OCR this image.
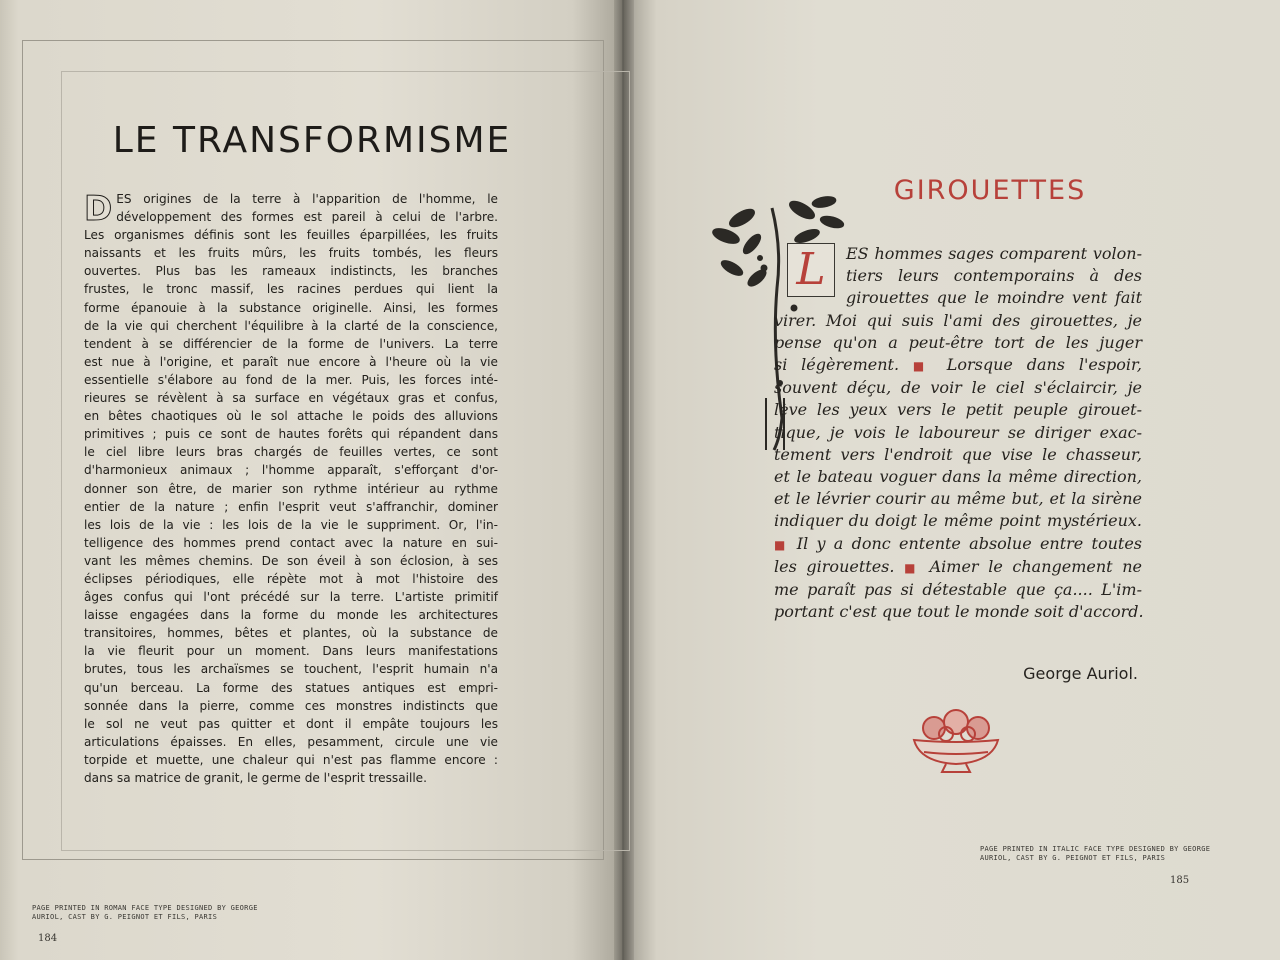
LE TRANSFORMISME

D ES origines de la terre à l'apparition de l'homme, le
développement des formes est pareil à celui de l'arbre.
Les organismes définis sont les feuilles éparpillées, les fruits
naissants et les fruits mûrs, les fruits tombés, les fleurs
ouvertes. Plus bas les rameaux indistincts, les branches
frustes, le tronc massif, les racines perdues qui lient la
forme épanouie à la substance originelle. Ainsi, les formes
de la vie qui cherchent l'équilibre à la clarté de la conscience,
tendent à se différencier de la forme de l'univers. La terre
est nue à l'origine, et paraît nue encore à l'heure où la vie
essentielle s'élabore au fond de la mer. Puis, les forces inté-
rieures se révèlent à sa surface en végétaux gras et confus,
en bêtes chaotiques où le sol attache le poids des alluvions
primitives ; puis ce sont de hautes forêts qui répandent dans
le ciel libre leurs bras chargés de feuilles vertes, ce sont
d'harmonieux animaux ; l'homme apparaît, s'efforçant d'or-
donner son être, de marier son rythme intérieur au rythme
entier de la nature ; enfin l'esprit veut s'affranchir, dominer
les lois de la vie : les lois de la vie le suppriment. Or, l'in-
telligence des hommes prend contact avec la nature en sui-
vant les mêmes chemins. De son éveil à son éclosion, à ses
éclipses périodiques, elle répète mot à mot l'histoire des
âges confus qui l'ont précédé sur la terre. L'artiste primitif
laisse engagées dans la forme du monde les architectures
transitoires, hommes, bêtes et plantes, où la substance de
la vie fleurit pour un moment. Dans leurs manifestations
brutes, tous les archaïsmes se touchent, l'esprit humain n'a
qu'un berceau. La forme des statues antiques est empri-
sonnée dans la pierre, comme ces monstres indistincts que
le sol ne veut pas quitter et dont il empâte toujours les
articulations épaisses. En elles, pesamment, circule une vie
torpide et muette, une chaleur qui n'est pas flamme encore :
dans sa matrice de granit, le germe de l'esprit tressaille.

PAGE PRINTED IN ROMAN FACE TYPE DESIGNED BY GEORGE
AURIOL, CAST BY G. PEIGNOT ET FILS, PARIS

184
GIROUETTES
L	ES hommes sages comparent volon-
tiers leurs contemporains à des
girouettes que le moindre vent fait
virer. Moi qui suis l'ami des girouettes, je
pense qu'on a peut-être tort de les juger
si légèrement. ■ Lorsque dans l'espoir,
souvent déçu, de voir le ciel s'éclaircir, je
lève les yeux vers le petit peuple girouet-
tique, je vois le laboureur se diriger exac-
tement vers l'endroit que vise le chasseur,
et le bateau voguer dans la même direction,
et le lévrier courir au même but, et la sirène
indiquer du doigt le même point mystérieux.
■ Il y a donc entente absolue entre toutes
les girouettes. ■ Aimer le changement ne
me paraît pas si détestable que ça.... L'im-
portant c'est que tout le monde soit d'accord.

George Auriol.

PAGE PRINTED IN ITALIC FACE TYPE DESIGNED BY GEORGE
AURIOL, CAST BY G. PEIGNOT ET FILS, PARIS

185
